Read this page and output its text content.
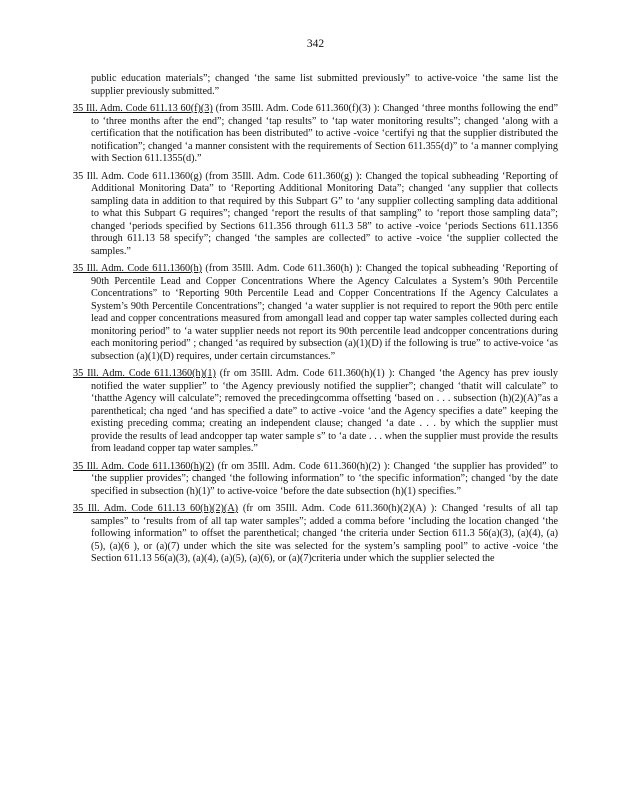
342

public education materials”; changed ‘the same list submitted previously” to active-voice ‘the same list the supplier previously submitted.”

35 Ill. Adm. Code 611.13 60(f)(3) (from 35Ill. Adm. Code 611.360(f)(3) ): Changed ‘three months following the end” to ‘three months after the end”; changed ‘tap results” to ‘tap water monitoring results”; changed ‘along with a certification that the notification has been distributed” to active -voice ‘certifyi ng that the supplier distributed the notification”; changed ‘a manner consistent with the requirements of Section 611.355(d)” to ‘a manner complying with Section 611.1355(d).”

35 Ill. Adm. Code 611.1360(g) (from 35Ill. Adm. Code 611.360(g) ): Changed the topical subheading ‘Reporting of Additional Monitoring Data” to ‘Reporting Additional Monitoring Data”; changed ‘any supplier that collects sampling data in addition to that required by this Subpart G” to ‘any supplier collecting sampling data additional to what this Subpart G requires”; changed ‘report the results of that sampling” to ‘report those sampling data”; changed ‘periods specified by Sections 611.356 through 611.3 58” to active -voice ‘periods Sections 611.1356 through 611.13 58 specify”; changed ‘the samples are collected” to active -voice ‘the supplier collected the samples.”

35 Ill. Adm. Code 611.1360(h) (from 35Ill. Adm. Code 611.360(h) ): Changed the topical subheading ‘Reporting of 90th Percentile Lead and Copper Concentrations Where the Agency Calculates a System’s 90th Percentile Concentrations” to ‘Reporting 90th Percentile Lead and Copper Concentrations If the Agency Calculates a System’s 90th Percentile Concentrations”; changed ‘a water supplier is not required to report the 90th perc entile lead and copper concentrations measured from amongall lead and copper tap water samples collected during each monitoring period” to ‘a water supplier needs not report its 90th percentile lead andcopper concentrations during each monitoring period” ; changed ‘as required by subsection (a)(1)(D) if the following is true” to active-voice ‘as subsection (a)(1)(D) requires, under certain circumstances.”

35 Ill. Adm. Code 611.1360(h)(1) (fr om 35Ill. Adm. Code 611.360(h)(1) ): Changed ‘the Agency has prev iously notified the water supplier” to ‘the Agency previously notified the supplier”; changed ‘thatit will calculate” to ‘thatthe Agency will calculate”; removed the precedingcomma offsetting ‘based on . . . subsection (h)(2)(A)”as a parenthetical; cha nged ‘and has specified a date” to active -voice ‘and the Agency specifies a date” keeping the existing preceding comma; creating an independent clause; changed ‘a date . . . by which the supplier must provide the results of lead andcopper tap water sample s” to ‘a date . . . when the supplier must provide the results from leadand copper tap water samples.”

35 Ill. Adm. Code 611.1360(h)(2) (fr om 35Ill. Adm. Code 611.360(h)(2) ): Changed ‘the supplier has provided” to ‘the supplier provides”; changed ‘the following information” to ‘the specific information”; changed ‘by the date specified in subsection (h)(1)” to active-voice ‘before the date subsection (h)(1) specifies.”

35 Ill. Adm. Code 611.13 60(h)(2)(A) (fr om 35Ill. Adm. Code 611.360(h)(2)(A) ): Changed ‘results of all tap samples” to ‘results from of all tap water samples”; added a comma before ‘including the location changed ‘the following information” to offset the parenthetical; changed ‘the criteria under Section 611.3 56(a)(3), (a)(4), (a)(5), (a)(6 ), or (a)(7) under which the site was selected for the system’s sampling pool” to active -voice ‘the Section 611.13 56(a)(3), (a)(4), (a)(5), (a)(6), or (a)(7)criteria under which the supplier selected the
